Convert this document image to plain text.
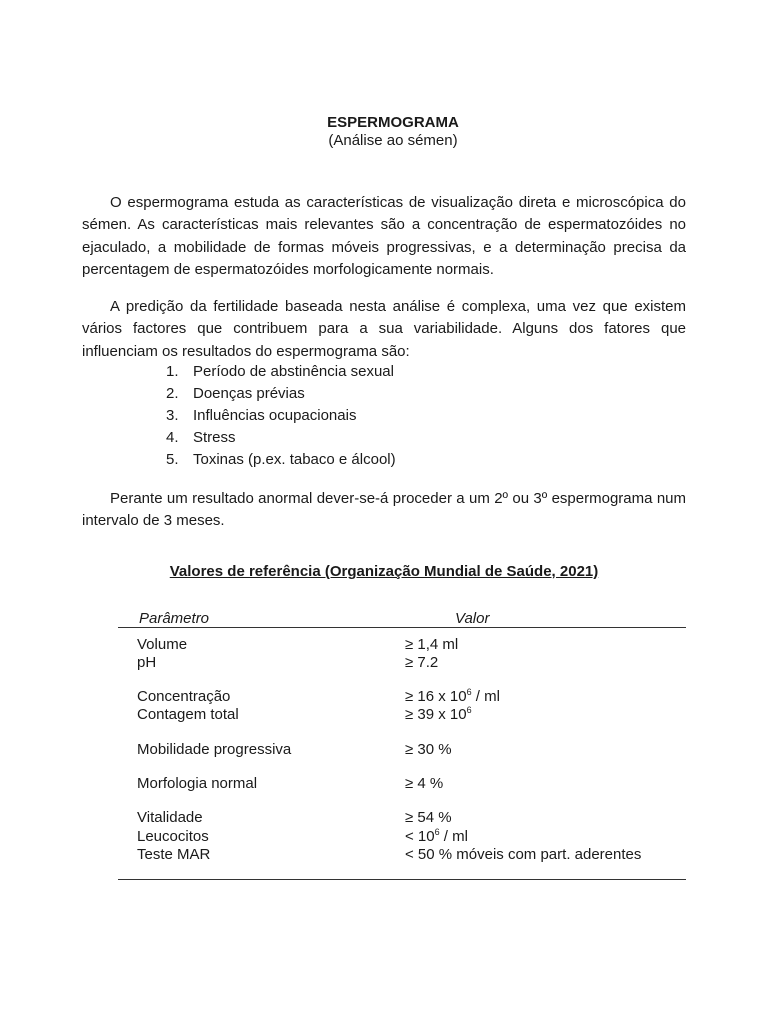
ESPERMOGRAMA
(Análise ao sémen)

O espermograma estuda as características de visualização direta e microscópica do sémen. As características mais relevantes são a concentração de espermatozóides no ejaculado, a mobilidade de formas móveis progressivas, e a determinação precisa da percentagem de espermatozóides morfologicamente normais.

A predição da fertilidade baseada nesta análise é complexa, uma vez que existem vários factores que contribuem para a sua variabilidade. Alguns dos fatores que influenciam os resultados do espermograma são:

1. Período de abstinência sexual
2. Doenças prévias
3. Influências ocupacionais
4. Stress
5. Toxinas (p.ex. tabaco e álcool)

Perante um resultado anormal dever-se-á proceder a um 2º ou 3º espermograma num intervalo de 3 meses.

Valores de referência (Organização Mundial de Saúde, 2021)
Parâmetro	Valor
Volume	≥ 1,4 ml
pH	≥ 7.2
Concentração	≥ 16 x $10^6$ / ml
Contagem total	≥ 39 x $10^6$
Mobilidade progressiva	≥ 30 %
Morfologia normal	≥ 4 %
Vitalidade	≥ 54 %
Leucocitos	< $10^6$ / ml
Teste MAR	< 50 % móveis com part. aderentes
